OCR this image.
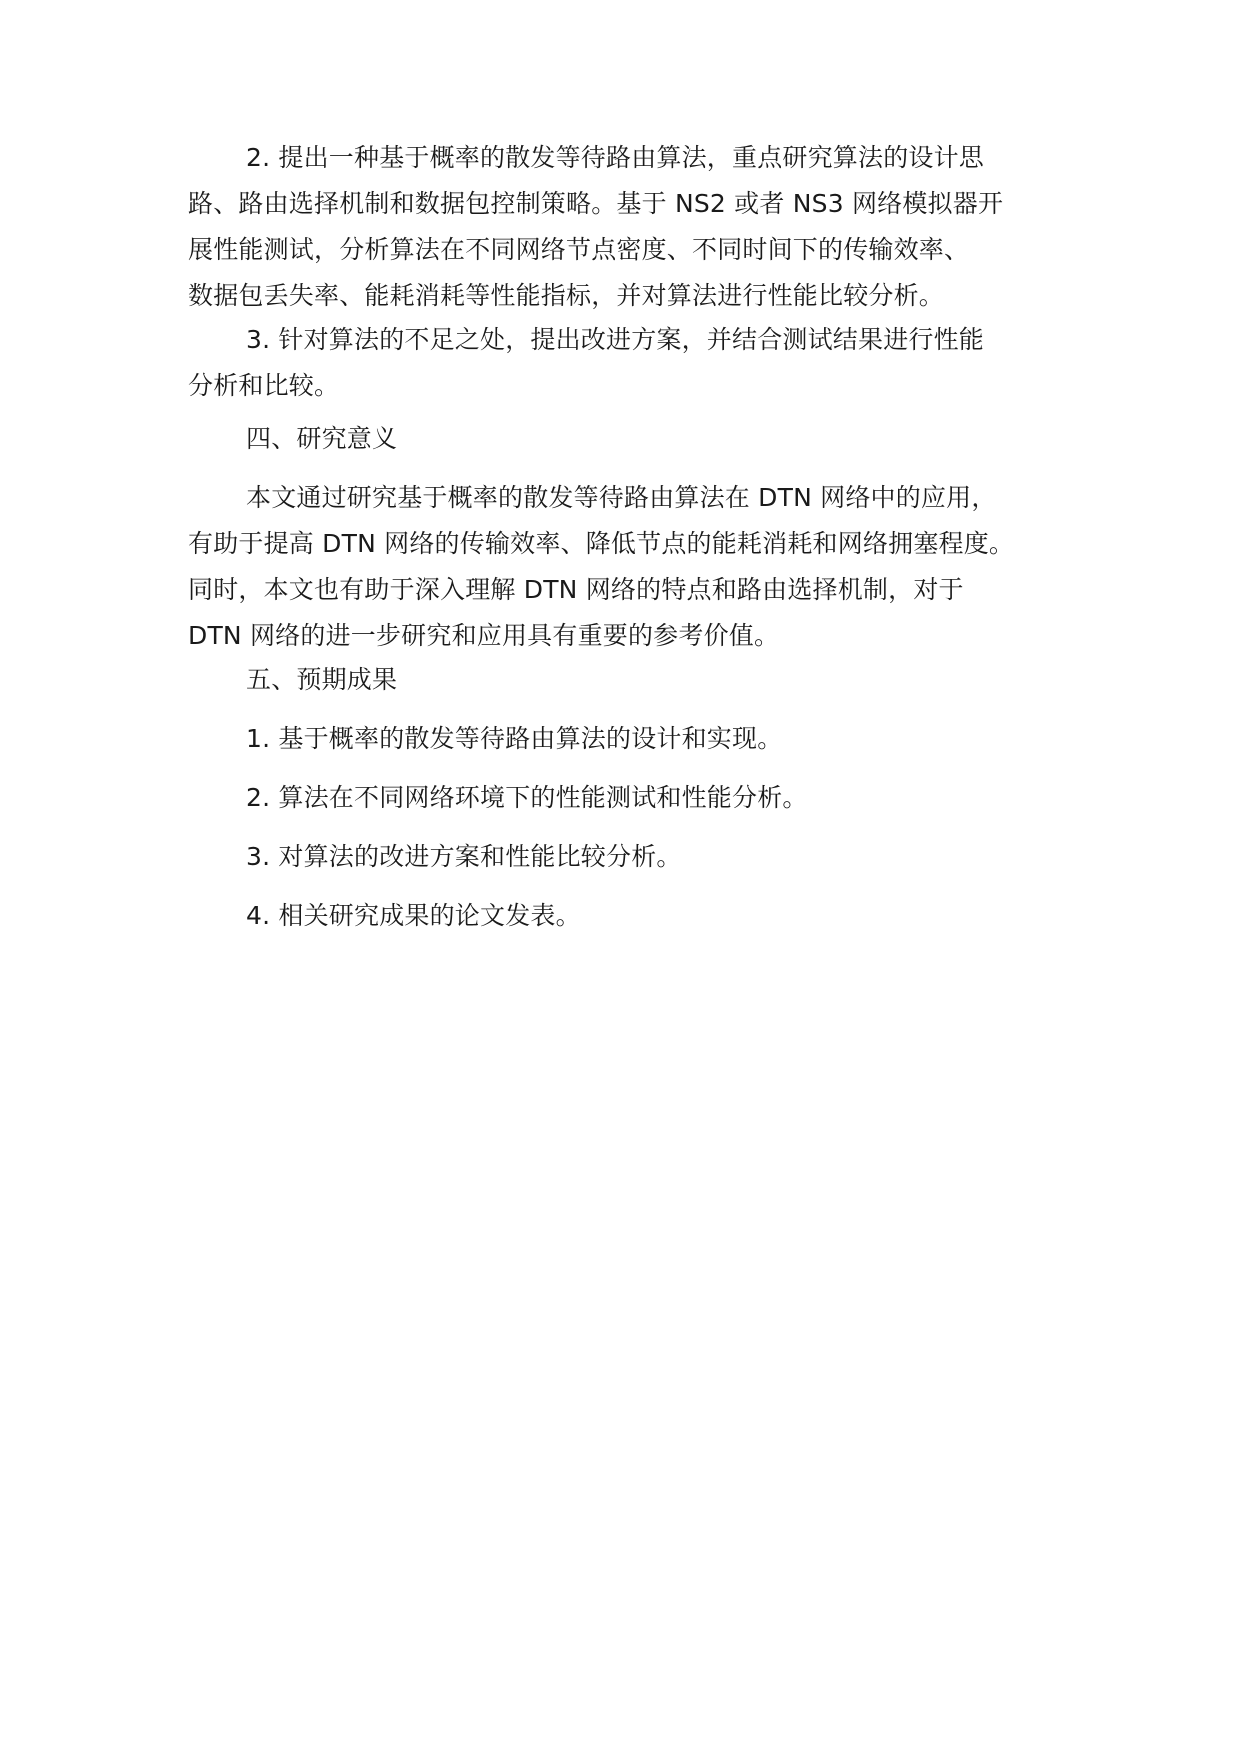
2. 提出一种基于概率的散发等待路由算法，重点研究算法的设计思
路、路由选择机制和数据包控制策略。基于 NS2 或者 NS3 网络模拟器开
展性能测试，分析算法在不同网络节点密度、不同时间下的传输效率、
数据包丢失率、能耗消耗等性能指标，并对算法进行性能比较分析。
3. 针对算法的不足之处，提出改进方案，并结合测试结果进行性能
分析和比较。
四、研究意义
本文通过研究基于概率的散发等待路由算法在 DTN 网络中的应用，
有助于提高 DTN 网络的传输效率、降低节点的能耗消耗和网络拥塞程度。
同时，本文也有助于深入理解 DTN 网络的特点和路由选择机制，对于
DTN 网络的进一步研究和应用具有重要的参考价值。
五、预期成果
1. 基于概率的散发等待路由算法的设计和实现。
2. 算法在不同网络环境下的性能测试和性能分析。
3. 对算法的改进方案和性能比较分析。
4. 相关研究成果的论文发表。
